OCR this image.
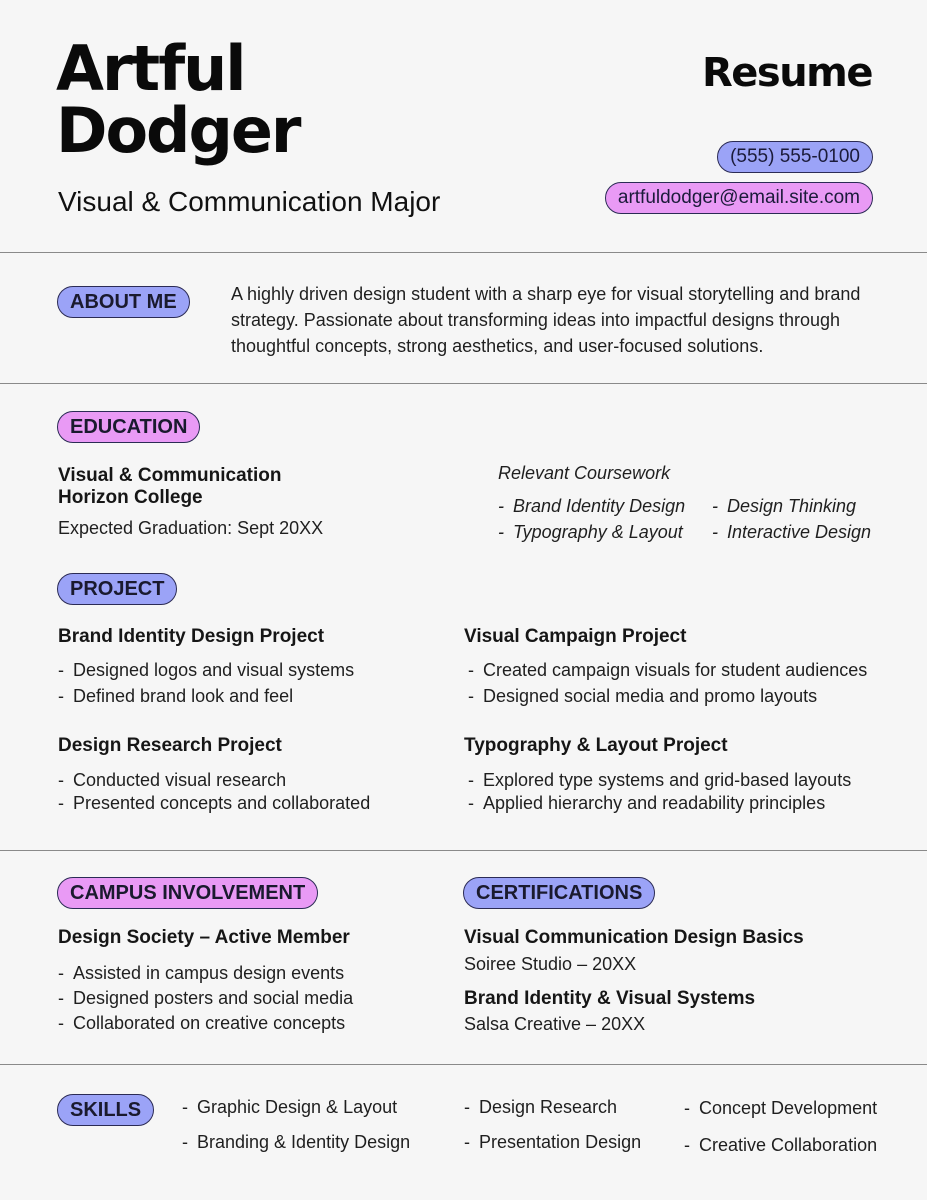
Artful
Dodger
Visual & Communication Major
Resume
(555) 555-0100
artfuldodger@email.site.com
ABOUT ME	A highly driven design student with a sharp eye for visual storytelling and brand strategy. Passionate about transforming ideas into impactful designs through thoughtful concepts, strong aesthetics, and user-focused solutions.
EDUCATION
Visual & Communication
Horizon College
Expected Graduation: Sept 20XX
Relevant Coursework
- Brand Identity Design
- Typography & Layout
- Design Thinking
- Interactive Design
PROJECT
Brand Identity Design Project
- Designed logos and visual systems
- Defined brand look and feel
Visual Campaign Project
- Created campaign visuals for student audiences
- Designed social media and promo layouts
Design Research Project
- Conducted visual research
- Presented concepts and collaborated
Typography & Layout Project
- Explored type systems and grid-based layouts
- Applied hierarchy and readability principles
CAMPUS INVOLVEMENT
Design Society – Active Member
- Assisted in campus design events
- Designed posters and social media
- Collaborated on creative concepts
CERTIFICATIONS
Visual Communication Design Basics
Soiree Studio – 20XX
Brand Identity & Visual Systems
Salsa Creative – 20XX
SKILLS
-	Graphic Design & Layout
- Branding & Identity Design
- Design Research
- Presentation Design
- Concept Development
- Creative Collaboration
